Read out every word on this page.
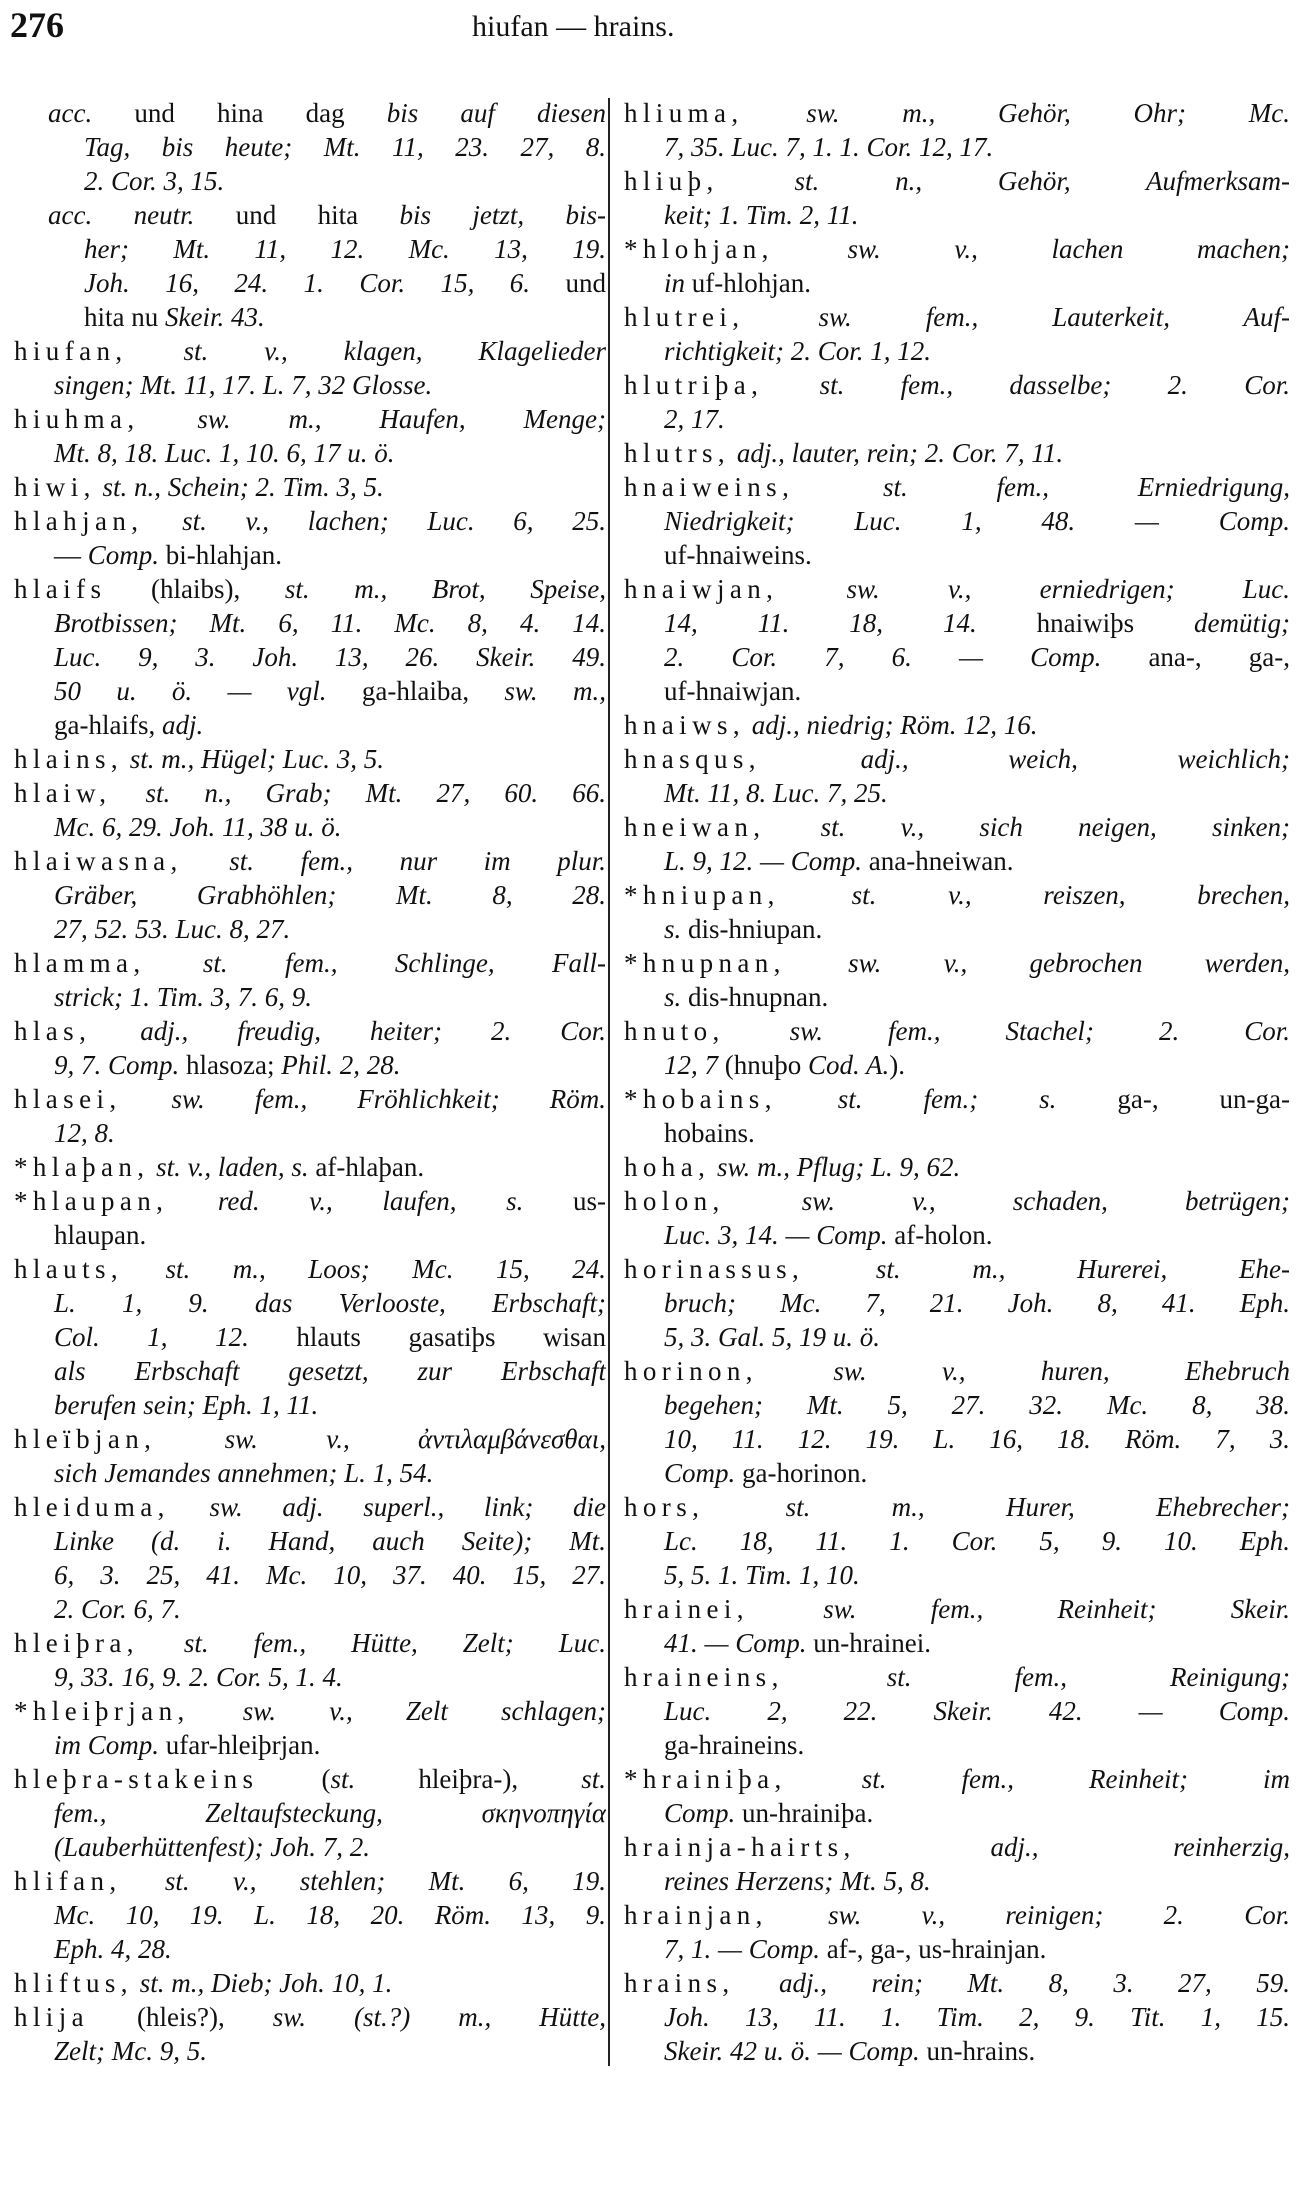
276	hiufan — hrains.
acc. und hina dag bis auf diesen
Tag, bis heute; Mt. 11, 23. 27, 8.
2. Cor. 3, 15.
acc. neutr. und hita bis jetzt, bis-
her; Mt. 11, 12. Mc. 13, 19.
Joh. 16, 24. 1. Cor. 15, 6. und
hita nu Skeir. 43.
hiufan, st. v., klagen, Klagelieder
singen; Mt. 11, 17. L. 7, 32 Glosse.
hiuhma, sw. m., Haufen, Menge;
Mt. 8, 18. Luc. 1, 10. 6, 17 u. ö.
hiwi, st. n., Schein; 2. Tim. 3, 5.
hlahjan, st. v., lachen; Luc. 6, 25.
— Comp. bi-hlahjan.
hlaifs (hlaibs), st. m., Brot, Speise,
Brotbissen; Mt. 6, 11. Mc. 8, 4. 14.
Luc. 9, 3. Joh. 13, 26. Skeir. 49.
50 u. ö. — vgl. ga-hlaiba, sw. m.,
ga-hlaifs, adj.
hlains, st. m., Hügel; Luc. 3, 5.
hlaiw, st. n., Grab; Mt. 27, 60. 66.
Mc. 6, 29. Joh. 11, 38 u. ö.
hlaiwasna, st. fem., nur im plur.
Gräber, Grabhöhlen; Mt. 8, 28.
27, 52. 53. Luc. 8, 27.
hlamma, st. fem., Schlinge, Fall-
strick; 1. Tim. 3, 7. 6, 9.
hlas, adj., freudig, heiter; 2. Cor.
9, 7. Comp. hlasoza; Phil. 2, 28.
hlasei, sw. fem., Fröhlichkeit; Röm.
12, 8.
*hlaþan, st. v., laden, s. af-hlaþan.
*hlaupan, red. v., laufen, s. us-
hlaupan.
hlauts, st. m., Loos; Mc. 15, 24.
L. 1, 9. das Verlooste, Erbschaft;
Col. 1, 12. hlauts gasatiþs wisan
als Erbschaft gesetzt, zur Erbschaft
berufen sein; Eph. 1, 11.
hleïbjan, sw. v., ἀντιλαμβάνεσθαι,
sich Jemandes annehmen; L. 1, 54.
hleiduma, sw. adj. superl., link; die
Linke (d. i. Hand, auch Seite); Mt.
6, 3. 25, 41. Mc. 10, 37. 40. 15, 27.
2. Cor. 6, 7.
hleiþra, st. fem., Hütte, Zelt; Luc.
9, 33. 16, 9. 2. Cor. 5, 1. 4.
*hleiþrjan, sw. v., Zelt schlagen;
im Comp. ufar-hleiþrjan.
hleþra-stakeins (st. hleiþra-), st.
fem., Zeltaufsteckung, σκηνοπηγία
(Lauberhüttenfest); Joh. 7, 2.
hlifan, st. v., stehlen; Mt. 6, 19.
Mc. 10, 19. L. 18, 20. Röm. 13, 9.
Eph. 4, 28.
hliftus, st. m., Dieb; Joh. 10, 1.
hlija (hleis?), sw. (st.?) m., Hütte,
Zelt; Mc. 9, 5.
hliuma, sw. m., Gehör, Ohr; Mc.
7, 35. Luc. 7, 1. 1. Cor. 12, 17.
hliuþ, st. n., Gehör, Aufmerksam-
keit; 1. Tim. 2, 11.
*hlohjan, sw. v., lachen machen;
in uf-hlohjan.
hlutrei, sw. fem., Lauterkeit, Auf-
richtigkeit; 2. Cor. 1, 12.
hlutriþa, st. fem., dasselbe; 2. Cor.
2, 17.
hlutrs, adj., lauter, rein; 2. Cor. 7, 11.
hnaiweins, st. fem., Erniedrigung,
Niedrigkeit; Luc. 1, 48. — Comp.
uf-hnaiweins.
hnaiwjan, sw. v., erniedrigen; Luc.
14, 11. 18, 14. hnaiwiþs demütig;
2. Cor. 7, 6. — Comp. ana-, ga-,
uf-hnaiwjan.
hnaiws, adj., niedrig; Röm. 12, 16.
hnasqus, adj., weich, weichlich;
Mt. 11, 8. Luc. 7, 25.
hneiwan, st. v., sich neigen, sinken;
L. 9, 12. — Comp. ana-hneiwan.
*hniupan, st. v., reiszen, brechen,
s. dis-hniupan.
*hnupnan, sw. v., gebrochen werden,
s. dis-hnupnan.
hnuto, sw. fem., Stachel; 2. Cor.
12, 7 (hnuþo Cod. A.).
*hobains, st. fem.; s. ga-, un-ga-
hobains.
hoha, sw. m., Pflug; L. 9, 62.
holon, sw. v., schaden, betrügen;
Luc. 3, 14. — Comp. af-holon.
horinassus, st. m., Hurerei, Ehe-
bruch; Mc. 7, 21. Joh. 8, 41. Eph.
5, 3. Gal. 5, 19 u. ö.
horinon, sw. v., huren, Ehebruch
begehen; Mt. 5, 27. 32. Mc. 8, 38.
10, 11. 12. 19. L. 16, 18. Röm. 7, 3.
Comp. ga-horinon.
hors, st. m., Hurer, Ehebrecher;
Lc. 18, 11. 1. Cor. 5, 9. 10. Eph.
5, 5. 1. Tim. 1, 10.
hrainei, sw. fem., Reinheit; Skeir.
41. — Comp. un-hrainei.
hraineins, st. fem., Reinigung;
Luc. 2, 22. Skeir. 42. — Comp.
ga-hraineins.
*hrainiþa, st. fem., Reinheit; im
Comp. un-hrainiþa.
hrainja-hairts, adj., reinherzig,
reines Herzens; Mt. 5, 8.
hrainjan, sw. v., reinigen; 2. Cor.
7, 1. — Comp. af-, ga-, us-hrainjan.
hrains, adj., rein; Mt. 8, 3. 27, 59.
Joh. 13, 11. 1. Tim. 2, 9. Tit. 1, 15.
Skeir. 42 u. ö. — Comp. un-hrains.
